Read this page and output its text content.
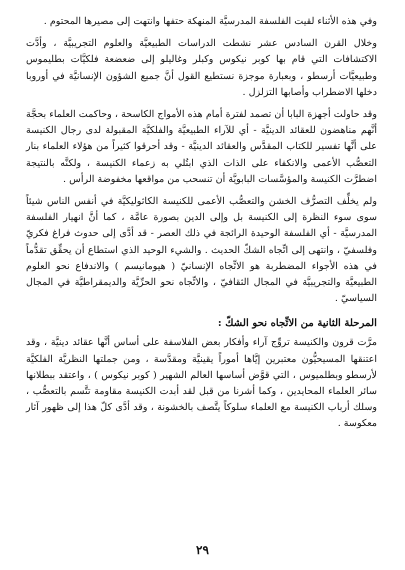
وفي هذه الأثناء لقيت الفلسفة المدرسيَّة المنهكة حتفها وانتهت إلى مصيرها المحتوم .

وخلال القرن السادس عشر نشطت الدراسات الطبيعيَّة والعلوم التجريبيَّة ، وأدَّت الاكتشافات التي قام بها كوبر نيكوس وكبلر وغاليلو إلى ضعضعة فلكيَّات بطليموس وطبيعيَّات أرسطو ، وبعبارة موجزة نستطيع القول أنَّ جميع الشؤون الإنسانيَّة في أوروبا دخلها الاضطراب وأصابها التزلزل .

وقد حاولت أجهزة البابا أن تصمد لفترة أمام هذه الأمواج الكاسحة ، وحاكمت العلماء بحجَّة أنَّهم مناهضون للعقائد الدينيَّة - أي للآراء الطبيعيَّة والفلكيَّة المقبولة لدى رجال الكنيسة على أنَّها تفسير للكتاب المقدَّس والعقائد الدينيَّة - وقد أحرقوا كثيراً من هؤلاء العلماء بنار التعصُّب الأعمى والانكفاء على الذات الذي ابتُلي به زعماء الكنيسة ، ولكنَّه بالنتيجة اضطرَّت الكنيسة والمؤسَّسات البابويَّة أن تنسحب من مواقعها مخفوضة الرأس .

ولم يخلِّف التصرُّف الخشن والتعصُّب الأعمى للكنيسة الكاثوليكيَّة في أنفس الناس شيئاً سوى سوء النظرة إلى الكنيسة بل وإلى الدين بصورة عامَّة ، كما أنَّ انهيار الفلسفة المدرسيَّة - أي الفلسفة الوحيدة الرائجة في ذلك العصر - قد أدَّى إلى حدوث فراغ فكريّ وفلسفيّ ، وانتهى إلى اتِّجاه الشكّ الحديث . والشيء الوحيد الذي استطاع أن يحقِّق تقدُّماً في هذه الأجواء المضطربة هو الاتِّجاه الإنسانيّ ( هيومانيسم ) والاندفاع نحو العلوم الطبيعيَّة والتجريبيَّة في المجال الثقافيّ ، والاتِّجاه نحو الحرِّيَّة والديمقراطيَّة في المجال السياسيّ .

المرحلة الثانية من الاتِّجاه نحو الشكّ :

مرَّت قرون والكنيسة تروِّج آراء وأفكار بعض الفلاسفة على أساس أنَّها عقائد دينيَّة ، وقد اعتنقها المسيحيُّون معتبرين إيَّاها أموراً يقينيَّة ومقدَّسة ، ومن جملتها النظريَّة الفلكيَّة لأرسطو وبطلميوس ، التي قوَّض أساسها العالم الشهير ( كوبر نيكوس ) ، واعتقد ببطلانها سائر العلماء المحايدين ، وكما أشرنا من قبل لقد أبدت الكنيسة مقاومة تتَّسم بالتعصُّب ، وسلك أرباب الكنيسة مع العلماء سلوكاً يتَّصف بالخشونة ، وقد أدَّى كلّ هذا إلى ظهور آثار معكوسة .

٢٩
